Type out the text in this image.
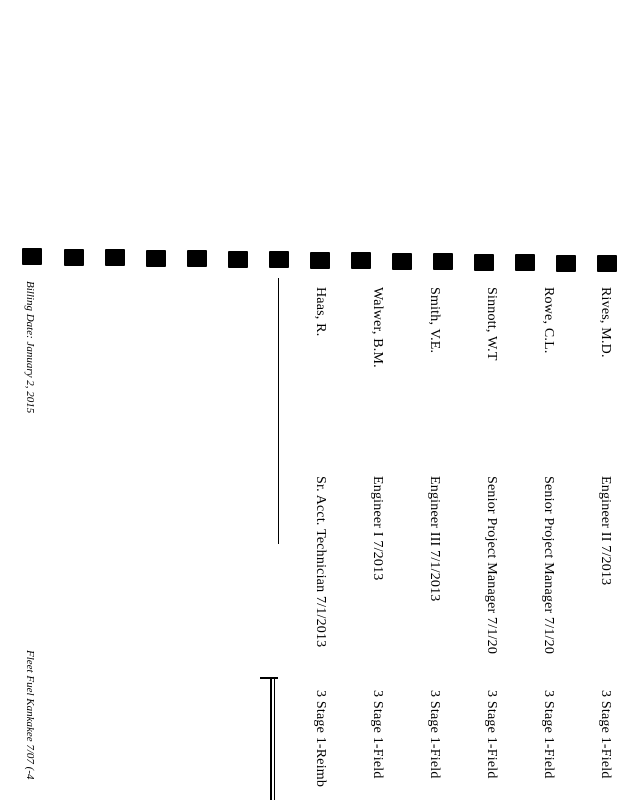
Rives, M.D.
Engineer II 7/2013
3 Stage 1-Field
Rowe, C.L.
Senior Project Manager 7/1/20
3 Stage 1-Field
Sinnott, W.T
Senior Project Manager 7/1/20
3 Stage 1-Field
Smith, V.E.
Engineer III 7/1/2013
3 Stage 1-Field
Walwer, B.M.
Engineer I 7/2013
3 Stage 1-Field
Haas, R.
Sr. Acct. Technician 7/1/2013
3 Stage 1-Reimb
Billing Date: January 2, 2015
Fleet Fuel Kankakee 7/07 (-4
